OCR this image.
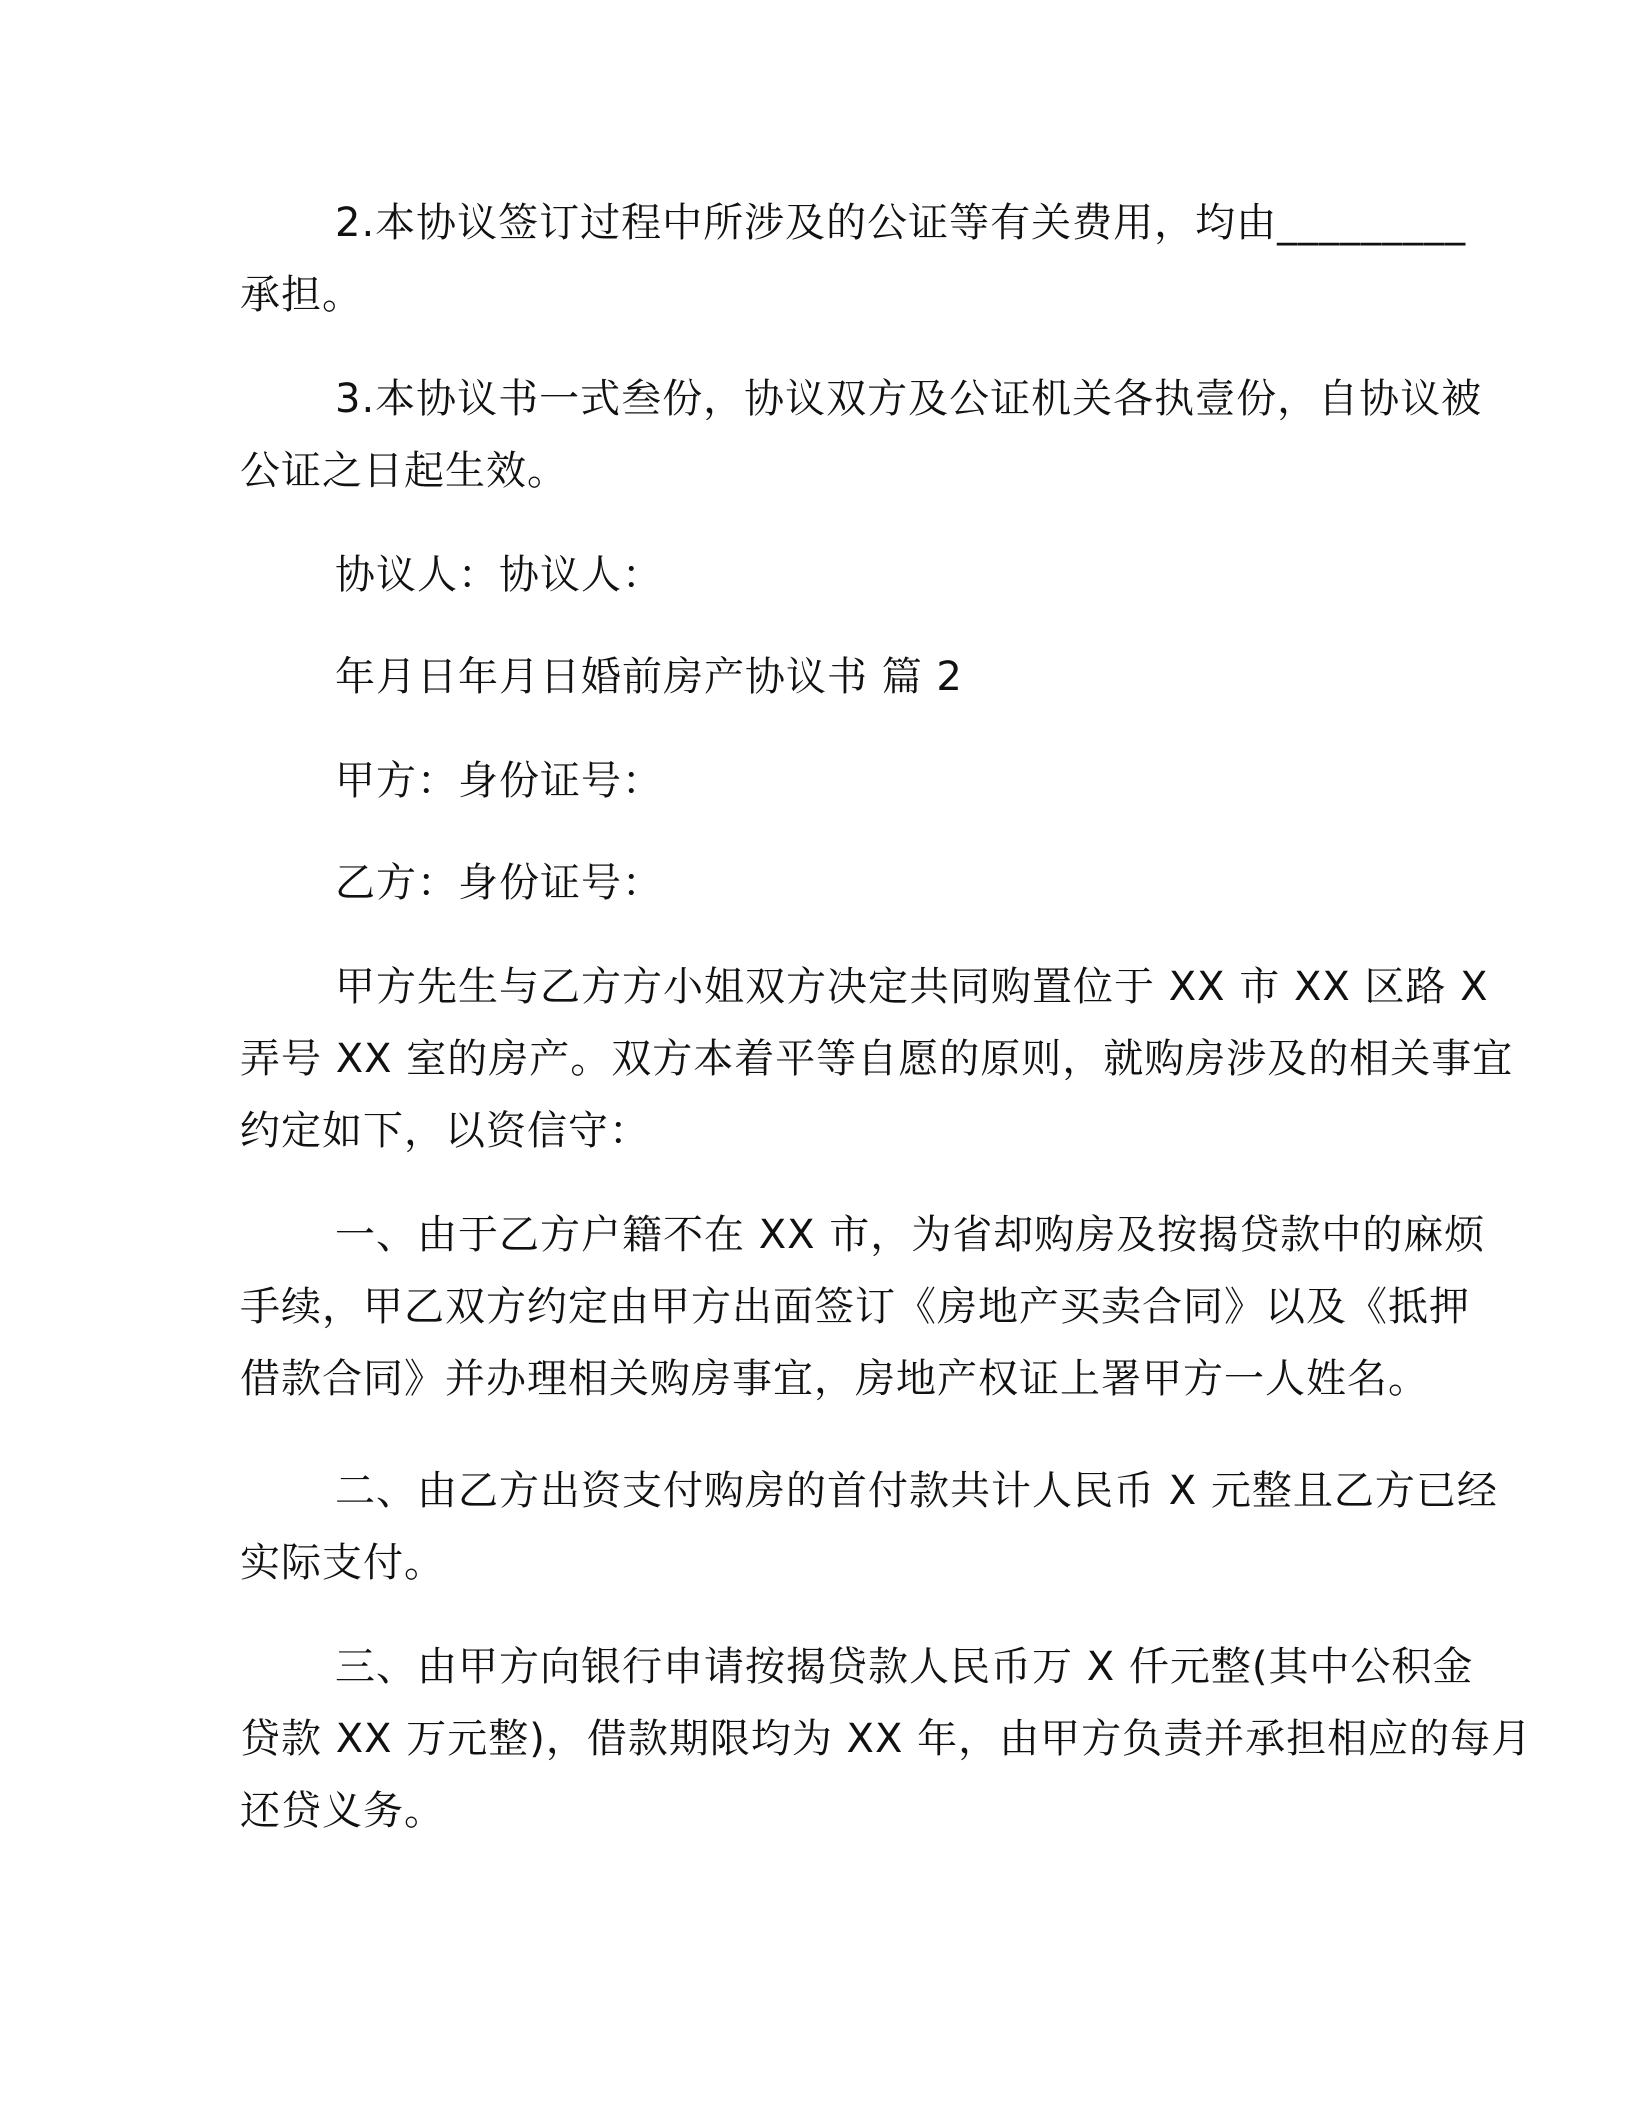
2.本协议签订过程中所涉及的公证等有关费用，均由_________
承担。
3.本协议书一式叁份，协议双方及公证机关各执壹份，自协议被
公证之日起生效。
协议人：协议人：
年月日年月日婚前房产协议书 篇 2
甲方：身份证号：
乙方：身份证号：
甲方先生与乙方方小姐双方决定共同购置位于 XX 市 XX 区路 X
弄号 XX 室的房产。双方本着平等自愿的原则，就购房涉及的相关事宜
约定如下，以资信守：
一、由于乙方户籍不在 XX 市，为省却购房及按揭贷款中的麻烦
手续，甲乙双方约定由甲方出面签订《房地产买卖合同》以及《抵押
借款合同》并办理相关购房事宜，房地产权证上署甲方一人姓名。
二、由乙方出资支付购房的首付款共计人民币 X 元整且乙方已经
实际支付。
三、由甲方向银行申请按揭贷款人民币万 X 仟元整(其中公积金
贷款 XX 万元整)，借款期限均为 XX 年，由甲方负责并承担相应的每月
还贷义务。
